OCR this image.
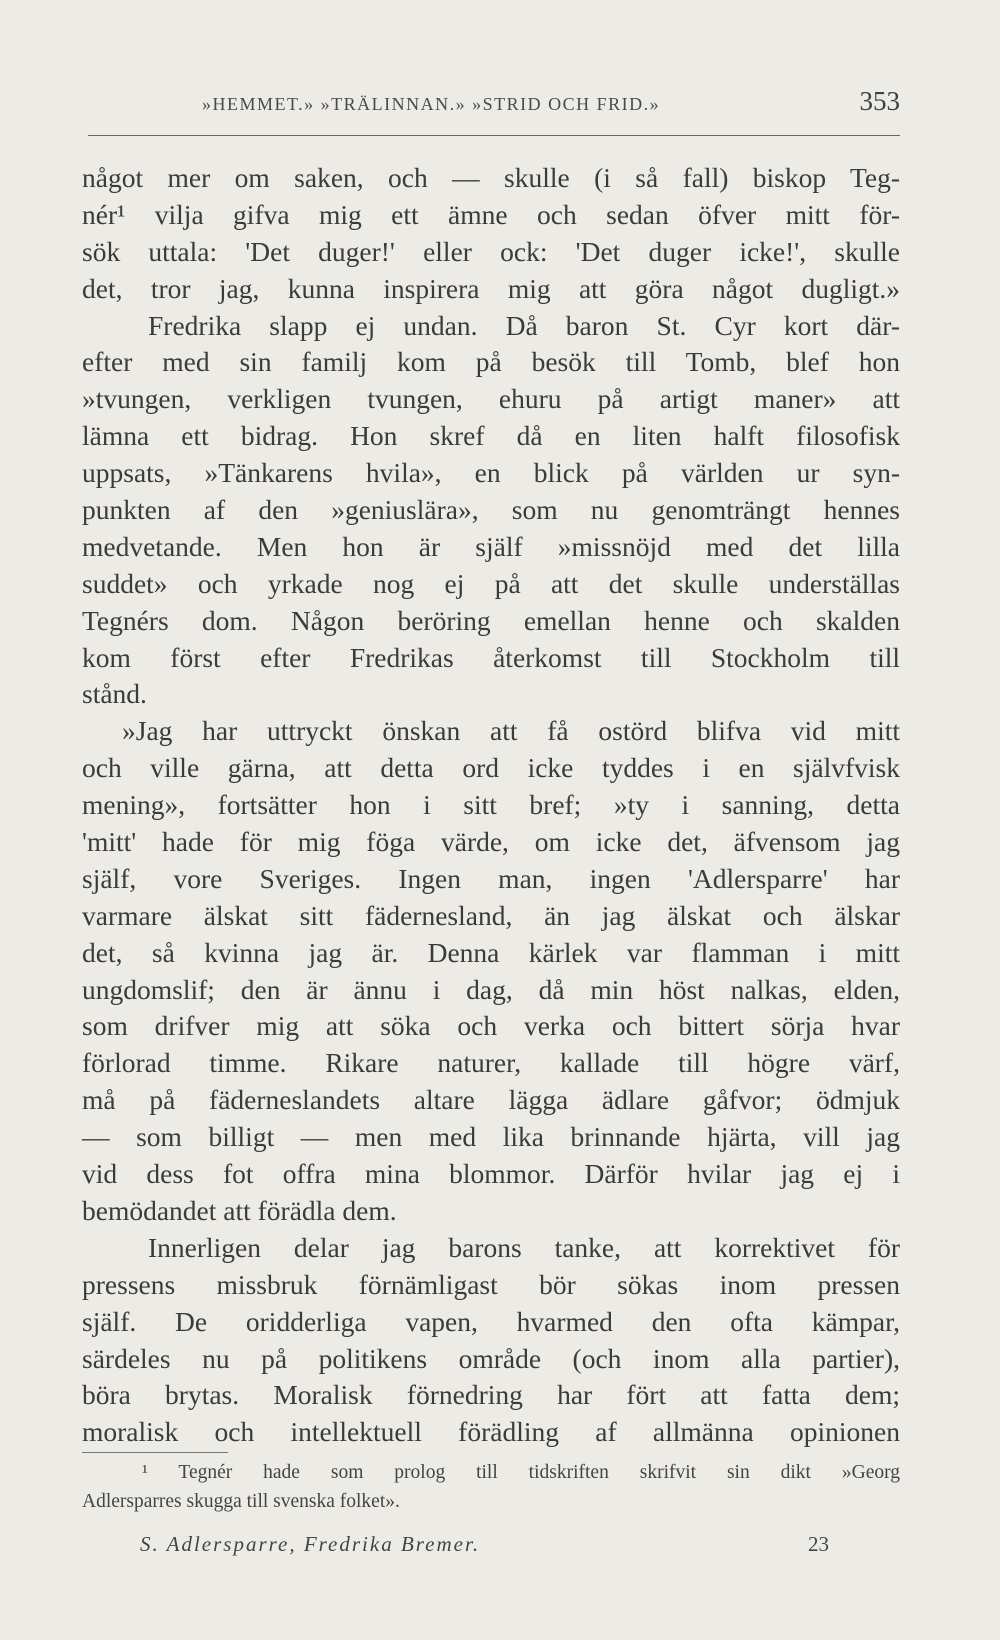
»HEMMET.» »TRÄLINNAN.» »STRID OCH FRID.»	353
något mer om saken, och — skulle (i så fall) biskop Teg-
nér¹ vilja gifva mig ett ämne och sedan öfver mitt för-
sök uttala: 'Det duger!' eller ock: 'Det duger icke!', skulle
det, tror jag, kunna inspirera mig att göra något dugligt.»
Fredrika slapp ej undan. Då baron St. Cyr kort där-
efter med sin familj kom på besök till Tomb, blef hon
»tvungen, verkligen tvungen, ehuru på artigt maner» att
lämna ett bidrag. Hon skref då en liten halft filosofisk
uppsats, »Tänkarens hvila», en blick på världen ur syn-
punkten af den »geniuslära», som nu genomträngt hennes
medvetande. Men hon är själf »missnöjd med det lilla
suddet» och yrkade nog ej på att det skulle underställas
Tegnérs dom. Någon beröring emellan henne och skalden
kom först efter Fredrikas återkomst till Stockholm till
stånd.
»Jag har uttryckt önskan att få ostörd blifva vid mitt
och ville gärna, att detta ord icke tyddes i en självfvisk
mening», fortsätter hon i sitt bref; »ty i sanning, detta
'mitt' hade för mig föga värde, om icke det, äfvensom jag
själf, vore Sveriges. Ingen man, ingen 'Adlersparre' har
varmare älskat sitt fädernesland, än jag älskat och älskar
det, så kvinna jag är. Denna kärlek var flamman i mitt
ungdomslif; den är ännu i dag, då min höst nalkas, elden,
som drifver mig att söka och verka och bittert sörja hvar
förlorad timme. Rikare naturer, kallade till högre värf,
må på fäderneslandets altare lägga ädlare gåfvor; ödmjuk
— som billigt — men med lika brinnande hjärta, vill jag
vid dess fot offra mina blommor. Därför hvilar jag ej i
bemödandet att förädla dem.
Innerligen delar jag barons tanke, att korrektivet för
pressens missbruk förnämligast bör sökas inom pressen
själf. De oridderliga vapen, hvarmed den ofta kämpar,
särdeles nu på politikens område (och inom alla partier),
böra brytas. Moralisk förnedring har fört att fatta dem;
moralisk och intellektuell förädling af allmänna opinionen
¹ Tegnér hade som prolog till tidskriften skrifvit sin dikt »Georg
Adlersparres skugga till svenska folket».
S. Adlersparre, Fredrika Bremer.	23
